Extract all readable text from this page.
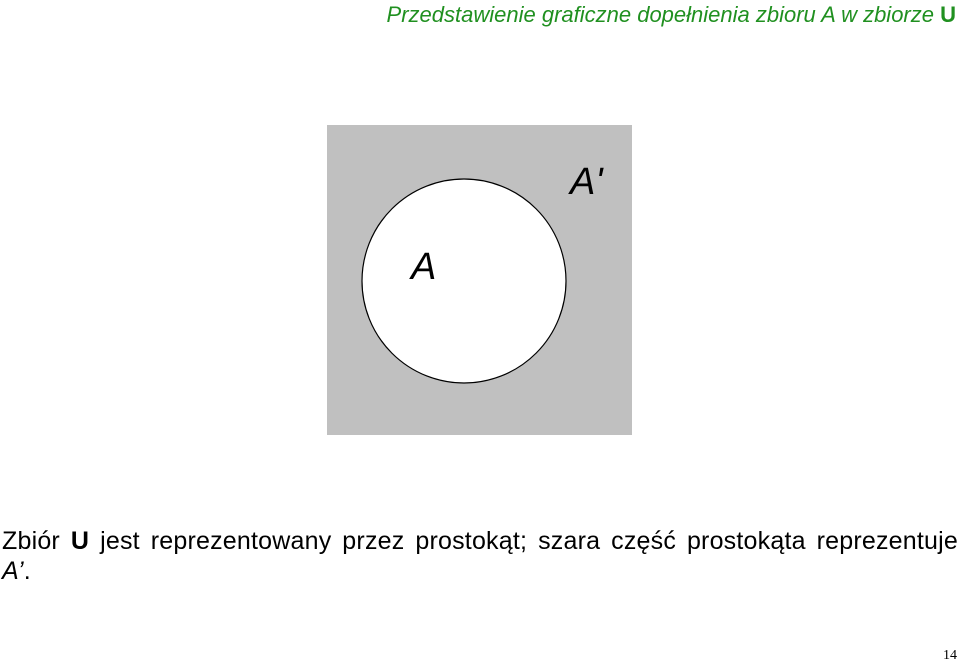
Przedstawienie graficzne dopełnienia zbioru A w zbiorze U
A
A'
Zbiór U jest reprezentowany przez prostokąt; szara część prostokąta reprezentuje A’.
14
